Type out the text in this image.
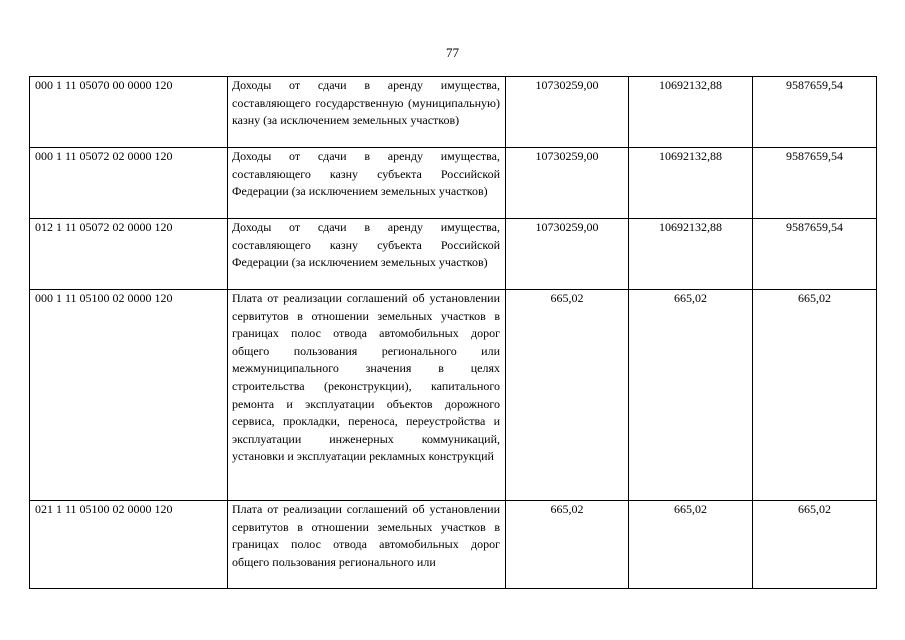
77
000 1 11 05070 00 0000 120	Доходы от сдачи в аренду имущества, составляющего государственную (муниципальную) казну (за исключением земельных участков)	10730259,00	10692132,88	9587659,54
000 1 11 05072 02 0000 120	Доходы от сдачи в аренду имущества, составляющего казну субъекта Российской Федерации (за исключением земельных участков)	10730259,00	10692132,88	9587659,54
012 1 11 05072 02 0000 120	Доходы от сдачи в аренду имущества, составляющего казну субъекта Российской Федерации (за исключением земельных участков)	10730259,00	10692132,88	9587659,54
000 1 11 05100 02 0000 120	Плата от реализации соглашений об установлении сервитутов в отношении земельных участков в границах полос отвода автомобильных дорог общего пользования регионального или межмуниципального значения в целях строительства (реконструкции), капитального ремонта и эксплуатации объектов дорожного сервиса, прокладки, переноса, переустройства и эксплуатации инженерных коммуникаций, установки и эксплуатации рекламных конструкций	665,02	665,02	665,02
021 1 11 05100 02 0000 120	Плата от реализации соглашений об установлении сервитутов в отношении земельных участков в границах полос отвода автомобильных дорог общего пользования регионального или	665,02	665,02	665,02
